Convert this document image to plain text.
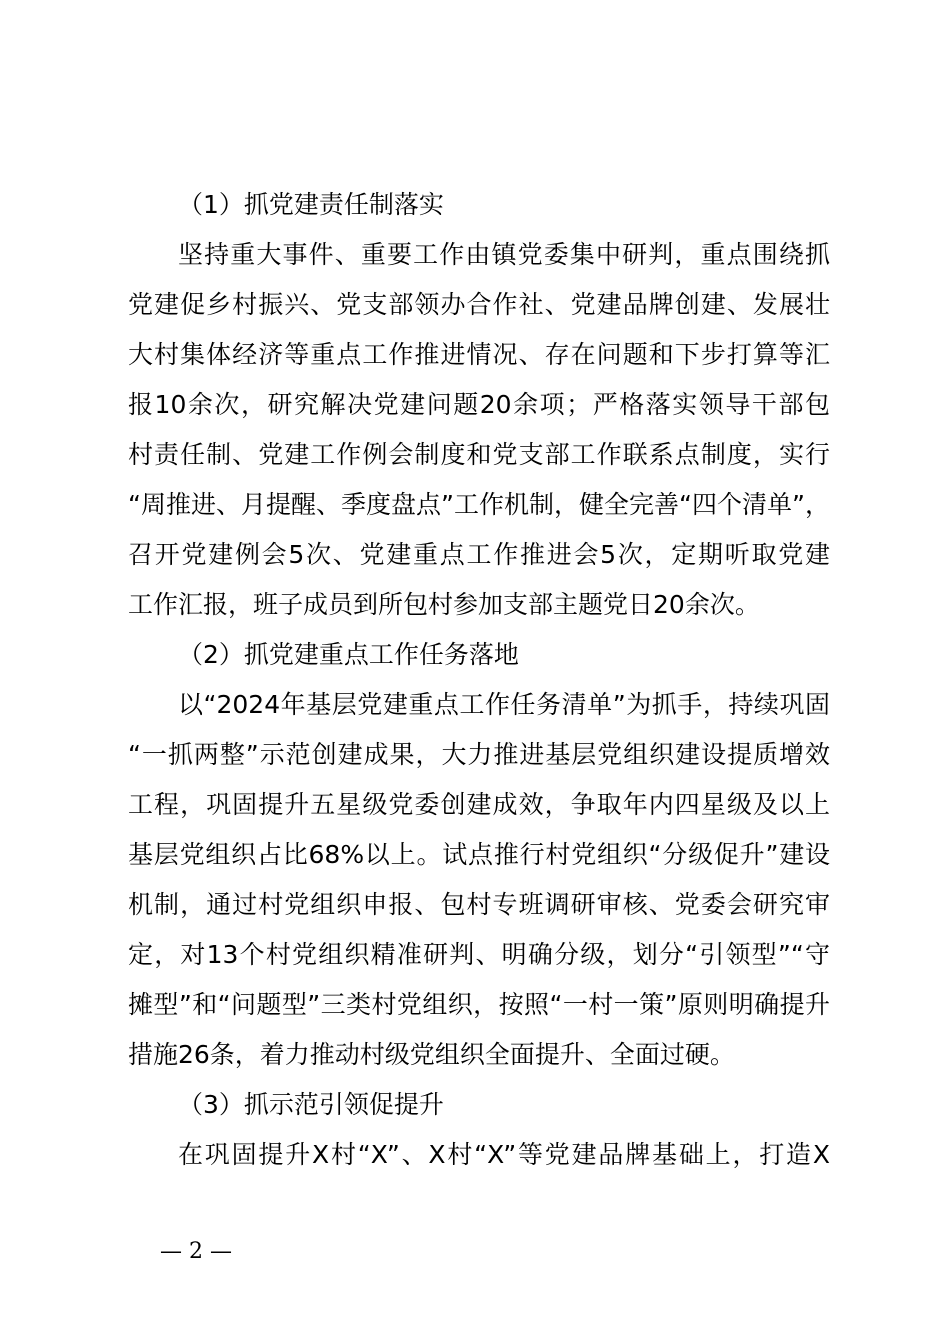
（1）抓党建责任制落实
坚持重大事件、重要工作由镇党委集中研判，重点围绕抓
党建促乡村振兴、党支部领办合作社、党建品牌创建、发展壮
大村集体经济等重点工作推进情况、存在问题和下步打算等汇
报10余次，研究解决党建问题20余项；严格落实领导干部包
村责任制、党建工作例会制度和党支部工作联系点制度，实行
“周推进、月提醒、季度盘点”工作机制，健全完善“四个清单”，
召开党建例会5次、党建重点工作推进会5次，定期听取党建
工作汇报，班子成员到所包村参加支部主题党日20余次。
（2）抓党建重点工作任务落地
以“2024年基层党建重点工作任务清单”为抓手，持续巩固
“一抓两整”示范创建成果，大力推进基层党组织建设提质增效
工程，巩固提升五星级党委创建成效，争取年内四星级及以上
基层党组织占比68%以上。试点推行村党组织“分级促升”建设
机制，通过村党组织申报、包村专班调研审核、党委会研究审
定，对13个村党组织精准研判、明确分级，划分“引领型”“守
摊型”和“问题型”三类村党组织，按照“一村一策”原则明确提升
措施26条，着力推动村级党组织全面提升、全面过硬。
（3）抓示范引领促提升
在巩固提升X村“X”、X村“X”等党建品牌基础上，打造X
— 2 —
